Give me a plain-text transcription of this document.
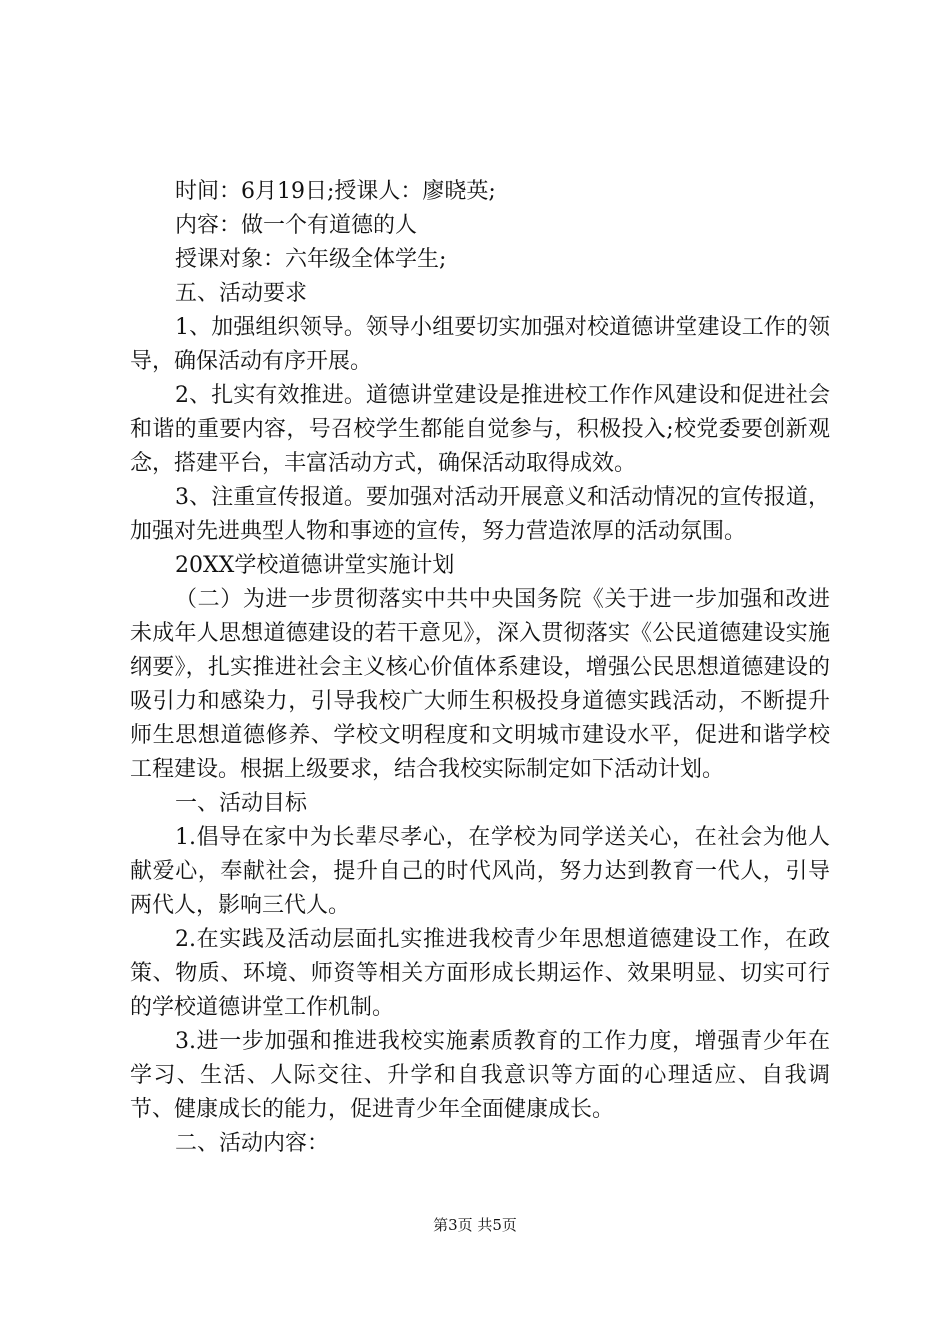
时间：6月19日;授课人：廖晓英;

内容：做一个有道德的人

授课对象：六年级全体学生;

五、活动要求

1、加强组织领导。领导小组要切实加强对校道德讲堂建设工作的领导，确保活动有序开展。

2、扎实有效推进。道德讲堂建设是推进校工作作风建设和促进社会和谐的重要内容，号召校学生都能自觉参与，积极投入;校党委要创新观念，搭建平台，丰富活动方式，确保活动取得成效。

3、注重宣传报道。要加强对活动开展意义和活动情况的宣传报道，加强对先进典型人物和事迹的宣传，努力营造浓厚的活动氛围。

20XX学校道德讲堂实施计划

（二）为进一步贯彻落实中共中央国务院《关于进一步加强和改进未成年人思想道德建设的若干意见》，深入贯彻落实《公民道德建设实施纲要》，扎实推进社会主义核心价值体系建设，增强公民思想道德建设的吸引力和感染力，引导我校广大师生积极投身道德实践活动，不断提升师生思想道德修养、学校文明程度和文明城市建设水平，促进和谐学校工程建设。根据上级要求，结合我校实际制定如下活动计划。

一、活动目标

1.倡导在家中为长辈尽孝心，在学校为同学送关心，在社会为他人献爱心，奉献社会，提升自己的时代风尚，努力达到教育一代人，引导两代人，影响三代人。

2.在实践及活动层面扎实推进我校青少年思想道德建设工作，在政策、物质、环境、师资等相关方面形成长期运作、效果明显、切实可行的学校道德讲堂工作机制。

3.进一步加强和推进我校实施素质教育的工作力度，增强青少年在学习、生活、人际交往、升学和自我意识等方面的心理适应、自我调节、健康成长的能力，促进青少年全面健康成长。

二、活动内容：

第3页 共5页
